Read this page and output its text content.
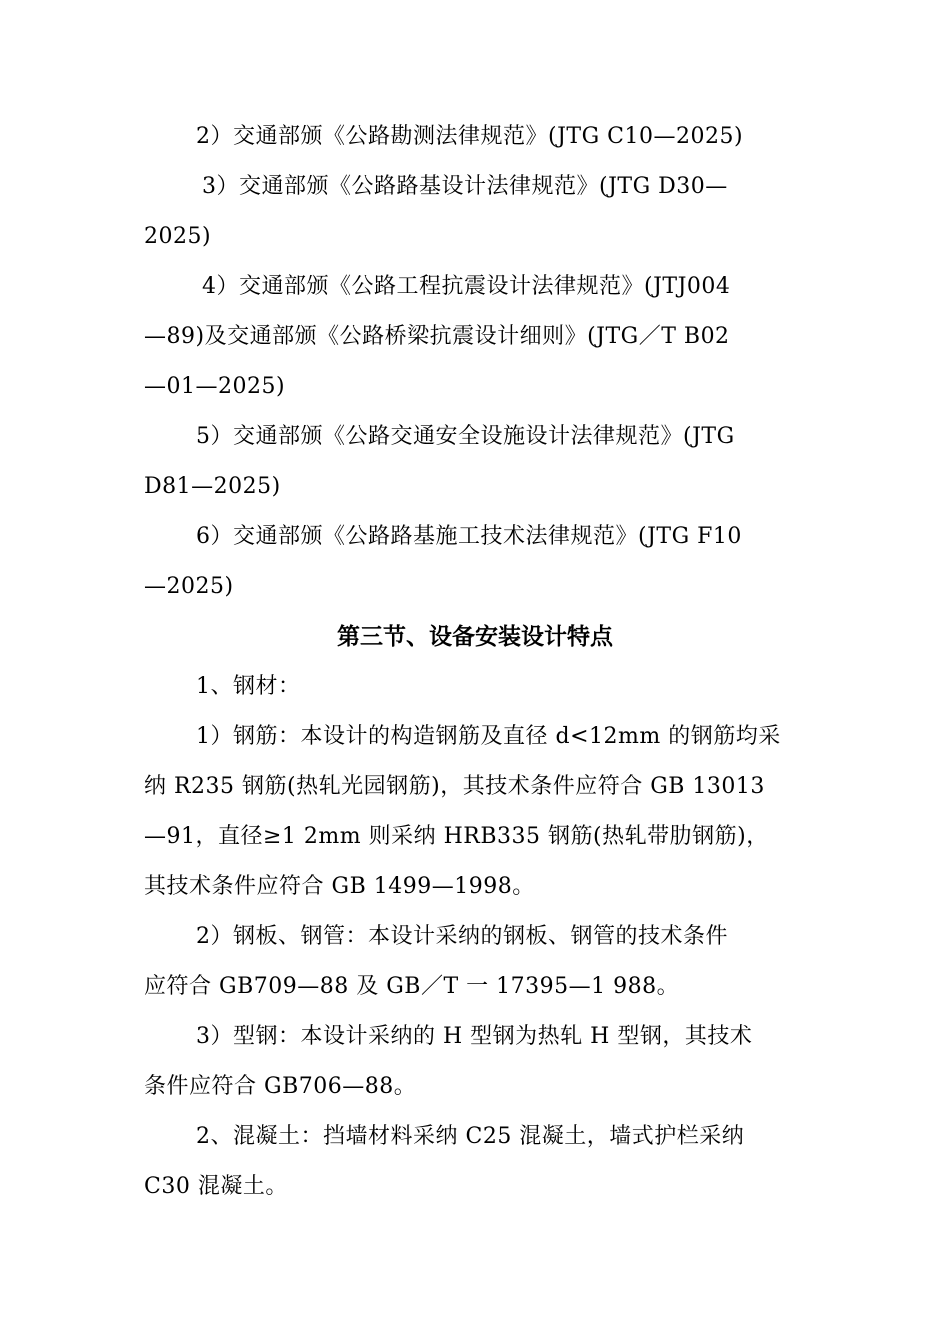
2）交通部颁《公路勘测法律规范》(JTG C10—2025)
3）交通部颁《公路路基设计法律规范》(JTG D30—
2025)
4）交通部颁《公路工程抗震设计法律规范》(JTJ004
—89)及交通部颁《公路桥梁抗震设计细则》(JTG／T B02
—01—2025)
5）交通部颁《公路交通安全设施设计法律规范》(JTG
D81—2025)
6）交通部颁《公路路基施工技术法律规范》(JTG F10
—2025)
第三节、设备安装设计特点
1、钢材：
1）钢筋：本设计的构造钢筋及直径 d<12mm 的钢筋均采
纳 R235 钢筋(热轧光园钢筋)，其技术条件应符合 GB 13013
—91，直径≥1 2mm 则采纳 HRB335 钢筋(热轧带肋钢筋)，
其技术条件应符合 GB 1499—1998。
2）钢板、钢管：本设计采纳的钢板、钢管的技术条件
应符合 GB709—88 及 GB／T 一 17395—1 988。
3）型钢：本设计采纳的 H 型钢为热轧 H 型钢，其技术
条件应符合 GB706—88。
2、混凝土：挡墙材料采纳 C25 混凝土，墙式护栏采纳
C30 混凝土。
